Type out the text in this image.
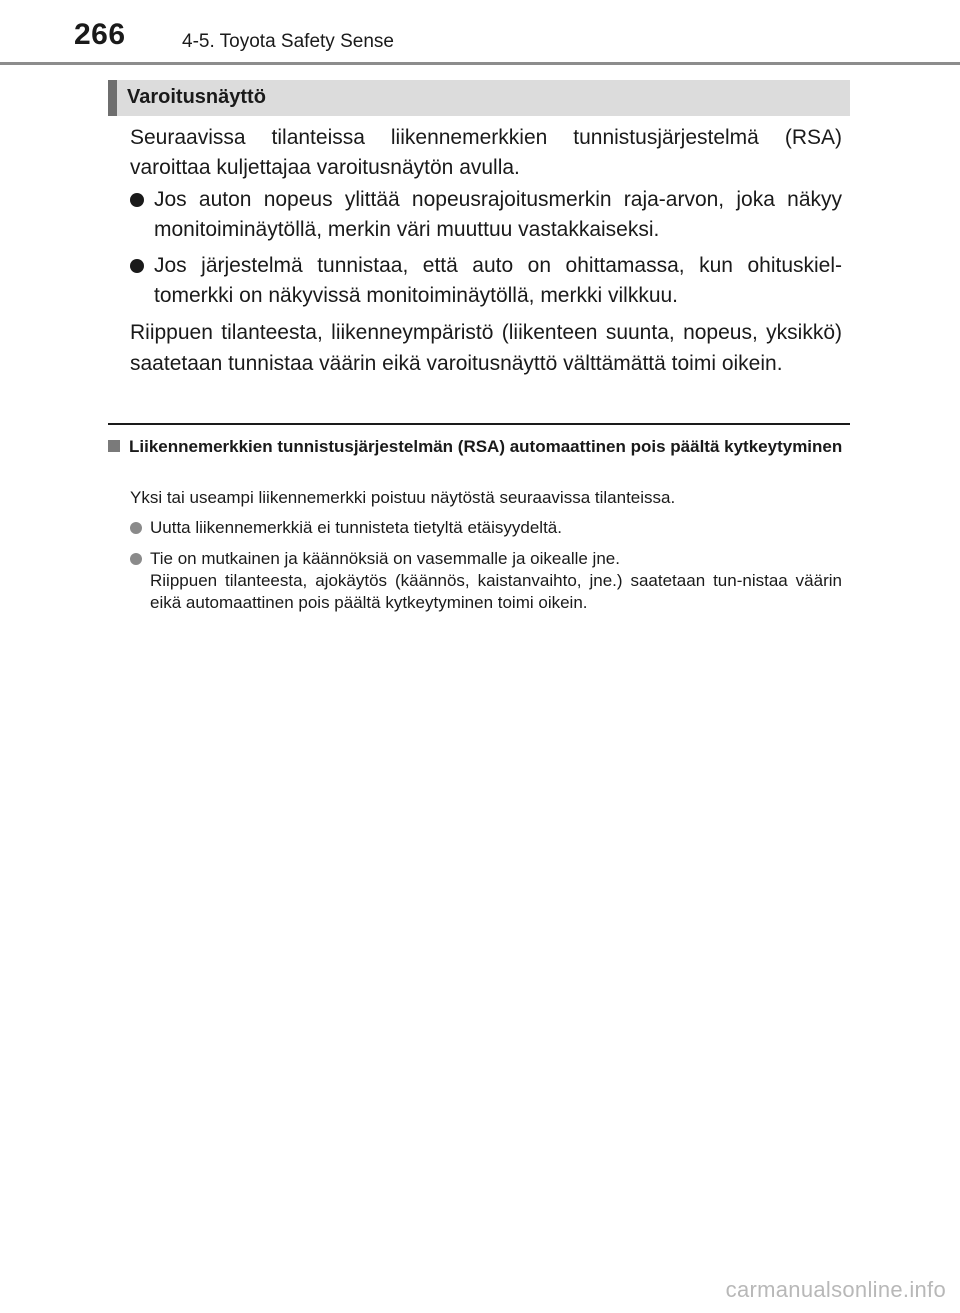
266	4-5. Toyota Safety Sense
Varoitusnäyttö
Seuraavissa tilanteissa liikennemerkkien tunnistusjärjestelmä (RSA) varoittaa kuljettajaa varoitusnäytön avulla.
Jos auton nopeus ylittää nopeusrajoitusmerkin raja-arvon, joka näkyy monitoiminäytöllä, merkin väri muuttuu vastakkaiseksi.
Jos järjestelmä tunnistaa, että auto on ohittamassa, kun ohituskiel-tomerkki on näkyvissä monitoiminäytöllä, merkki vilkkuu.
Riippuen tilanteesta, liikenneympäristö (liikenteen suunta, nopeus, yksikkö) saatetaan tunnistaa väärin eikä varoitusnäyttö välttämättä toimi oikein.
Liikennemerkkien tunnistusjärjestelmän (RSA) automaattinen pois päältä kytkeytyminen
Yksi tai useampi liikennemerkki poistuu näytöstä seuraavissa tilanteissa.
Uutta liikennemerkkiä ei tunnisteta tietyltä etäisyydeltä.
Tie on mutkainen ja käännöksiä on vasemmalle ja oikealle jne.
Riippuen tilanteesta, ajokäytös (käännös, kaistanvaihto, jne.) saatetaan tun-nistaa väärin eikä automaattinen pois päältä kytkeytyminen toimi oikein.
carmanualsonline.info
